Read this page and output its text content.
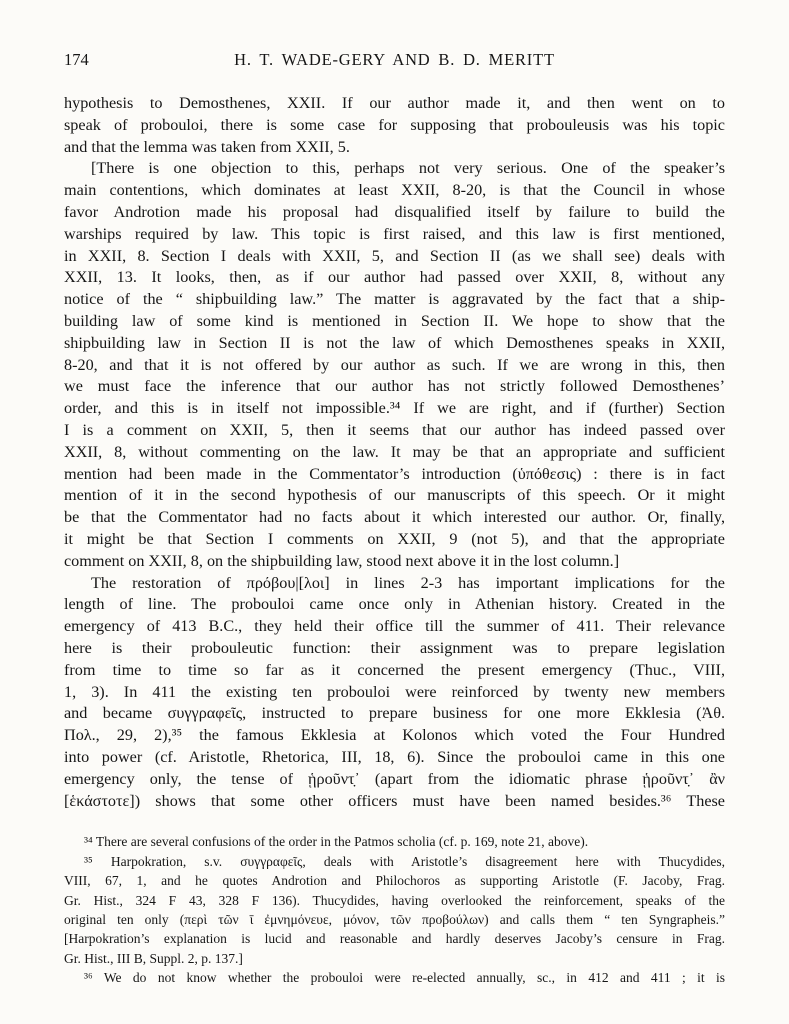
174	H. T. WADE-GERY AND B. D. MERITT
hypothesis to Demosthenes, XXII. If our author made it, and then went on to
speak of probouloi, there is some case for supposing that probouleusis was his topic
and that the lemma was taken from XXII, 5.
[There is one objection to this, perhaps not very serious. One of the speaker’s
main contentions, which dominates at least XXII, 8-20, is that the Council in whose
favor Androtion made his proposal had disqualified itself by failure to build the
warships required by law. This topic is first raised, and this law is first mentioned,
in XXII, 8. Section I deals with XXII, 5, and Section II (as we shall see) deals with
XXII, 13. It looks, then, as if our author had passed over XXII, 8, without any
notice of the “ shipbuilding law.” The matter is aggravated by the fact that a ship-
building law of some kind is mentioned in Section II. We hope to show that the
shipbuilding law in Section II is not the law of which Demosthenes speaks in XXII,
8-20, and that it is not offered by our author as such. If we are wrong in this, then
we must face the inference that our author has not strictly followed Demosthenes’
order, and this is in itself not impossible.³⁴ If we are right, and if (further) Section
I is a comment on XXII, 5, then it seems that our author has indeed passed over
XXII, 8, without commenting on the law. It may be that an appropriate and sufficient
mention had been made in the Commentator’s introduction (ὑπόθεσις) : there is in fact
mention of it in the second hypothesis of our manuscripts of this speech. Or it might
be that the Commentator had no facts about it which interested our author. Or, finally,
it might be that Section I comments on XXII, 9 (not 5), and that the appropriate
comment on XXII, 8, on the shipbuilding law, stood next above it in the lost column.]
The restoration of πρόβου|[λοι] in lines 2-3 has important implications for the
length of line. The probouloi came once only in Athenian history. Created in the
emergency of 413 B.C., they held their office till the summer of 411. Their relevance
here is their probouleutic function: their assignment was to prepare legislation
from time to time so far as it concerned the present emergency (Thuc., VIII,
1, 3). In 411 the existing ten probouloi were reinforced by twenty new members
and became συγγραφεῖς, instructed to prepare business for one more Ekklesia (Ἀθ.
Πολ., 29, 2),³⁵ the famous Ekklesia at Kolonos which voted the Four Hundred
into power (cf. Aristotle, Rhetorica, III, 18, 6). Since the probouloi came in this one
emergency only, the tense of ᾑροῦντ̣᾽ (apart from the idiomatic phrase ᾑροῦντ̣᾽ ἂν
[ἑκάστοτε]) shows that some other officers must have been named besides.³⁶ These
³⁴ There are several confusions of the order in the Patmos scholia (cf. p. 169, note 21, above).
³⁵ Harpokration, s.v. συγγραφεῖς, deals with Aristotle’s disagreement here with Thucydides,
VIII, 67, 1, and he quotes Androtion and Philochoros as supporting Aristotle (F. Jacoby, Frag.
Gr. Hist., 324 F 43, 328 F 136). Thucydides, having overlooked the reinforcement, speaks of the
original ten only (περὶ τῶν ῑ ἐμνημόνευε, μόνον, τῶν προβούλων) and calls them “ ten Syngrapheis.”
[Harpokration’s explanation is lucid and reasonable and hardly deserves Jacoby’s censure in Frag.
Gr. Hist., III B, Suppl. 2, p. 137.]
³⁶ We do not know whether the probouloi were re-elected annually, sc., in 412 and 411 ; it is
